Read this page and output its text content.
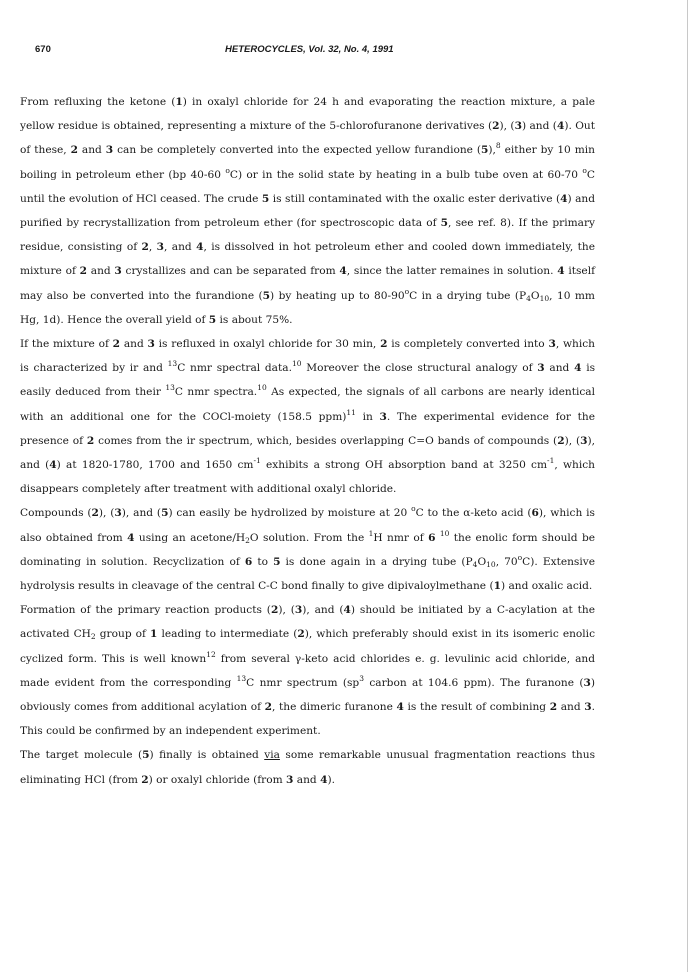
670	HETEROCYCLES, Vol. 32, No. 4, 1991

From refluxing the ketone (1) in oxalyl chloride for 24 h and evaporating the reaction mixture, a pale yellow residue is obtained, representing a mixture of the 5-chlorofuranone derivatives (2), (3) and (4). Out of these, 2 and 3 can be completely converted into the expected yellow furandione (5),$^8$ either by 10 min boiling in petroleum ether (bp 40-60 $^o$C) or in the solid state by heating in a bulb tube oven at 60-70 $^o$C until the evolution of HCl ceased. The crude 5 is still contaminated with the oxalic ester derivative (4) and purified by recrystallization from petroleum ether (for spectroscopic data of 5, see ref. 8). If the primary residue, consisting of 2, 3, and 4, is dissolved in hot petroleum ether and cooled down immediately, the mixture of 2 and 3 crystallizes and can be separated from 4, since the latter remaines in solution. 4 itself may also be converted into the furandione (5) by heating up to 80-90$^o$C in a drying tube ($P_4O_{10}$, 10 mm Hg, 1d). Hence the overall yield of 5 is about 75%.

If the mixture of 2 and 3 is refluxed in oxalyl chloride for 30 min, 2 is completely converted into 3, which is characterized by ir and $^{13}$C nmr spectral data.$^{10}$ Moreover the close structural analogy of 3 and 4 is easily deduced from their $^{13}$C nmr spectra.$^{10}$ As expected, the signals of all carbons are nearly identical with an additional one for the COCl-moiety (158.5 ppm)$^{11}$ in 3. The experimental evidence for the presence of 2 comes from the ir spectrum, which, besides overlapping C=O bands of compounds (2), (3), and (4) at 1820-1780, 1700 and 1650 $cm^{-1}$ exhibits a strong OH absorption band at 3250 $cm^{-1}$, which disappears completely after treatment with additional oxalyl chloride.

Compounds (2), (3), and (5) can easily be hydrolized by moisture at 20 $^o$C to the α-keto acid (6), which is also obtained from 4 using an acetone/$H_2O$ solution. From the $^1$H nmr of 6 $^{10}$ the enolic form should be dominating in solution. Recyclization of 6 to 5 is done again in a drying tube ($P_4O_{10}$, 70$^o$C). Extensive hydrolysis results in cleavage of the central C-C bond finally to give dipivaloylmethane (1) and oxalic acid.

Formation of the primary reaction products (2), (3), and (4) should be initiated by a C-acylation at the activated $CH_2$ group of 1 leading to intermediate (2), which preferably should exist in its isomeric enolic cyclized form. This is well known$^{12}$ from several γ-keto acid chlorides e. g. levulinic acid chloride, and made evident from the corresponding $^{13}$C nmr spectrum ($sp^3$ carbon at 104.6 ppm). The furanone (3) obviously comes from additional acylation of 2, the dimeric furanone 4 is the result of combining 2 and 3. This could be confirmed by an independent experiment.

The target molecule (5) finally is obtained via some remarkable unusual fragmentation reactions thus eliminating HCl (from 2) or oxalyl chloride (from 3 and 4).
